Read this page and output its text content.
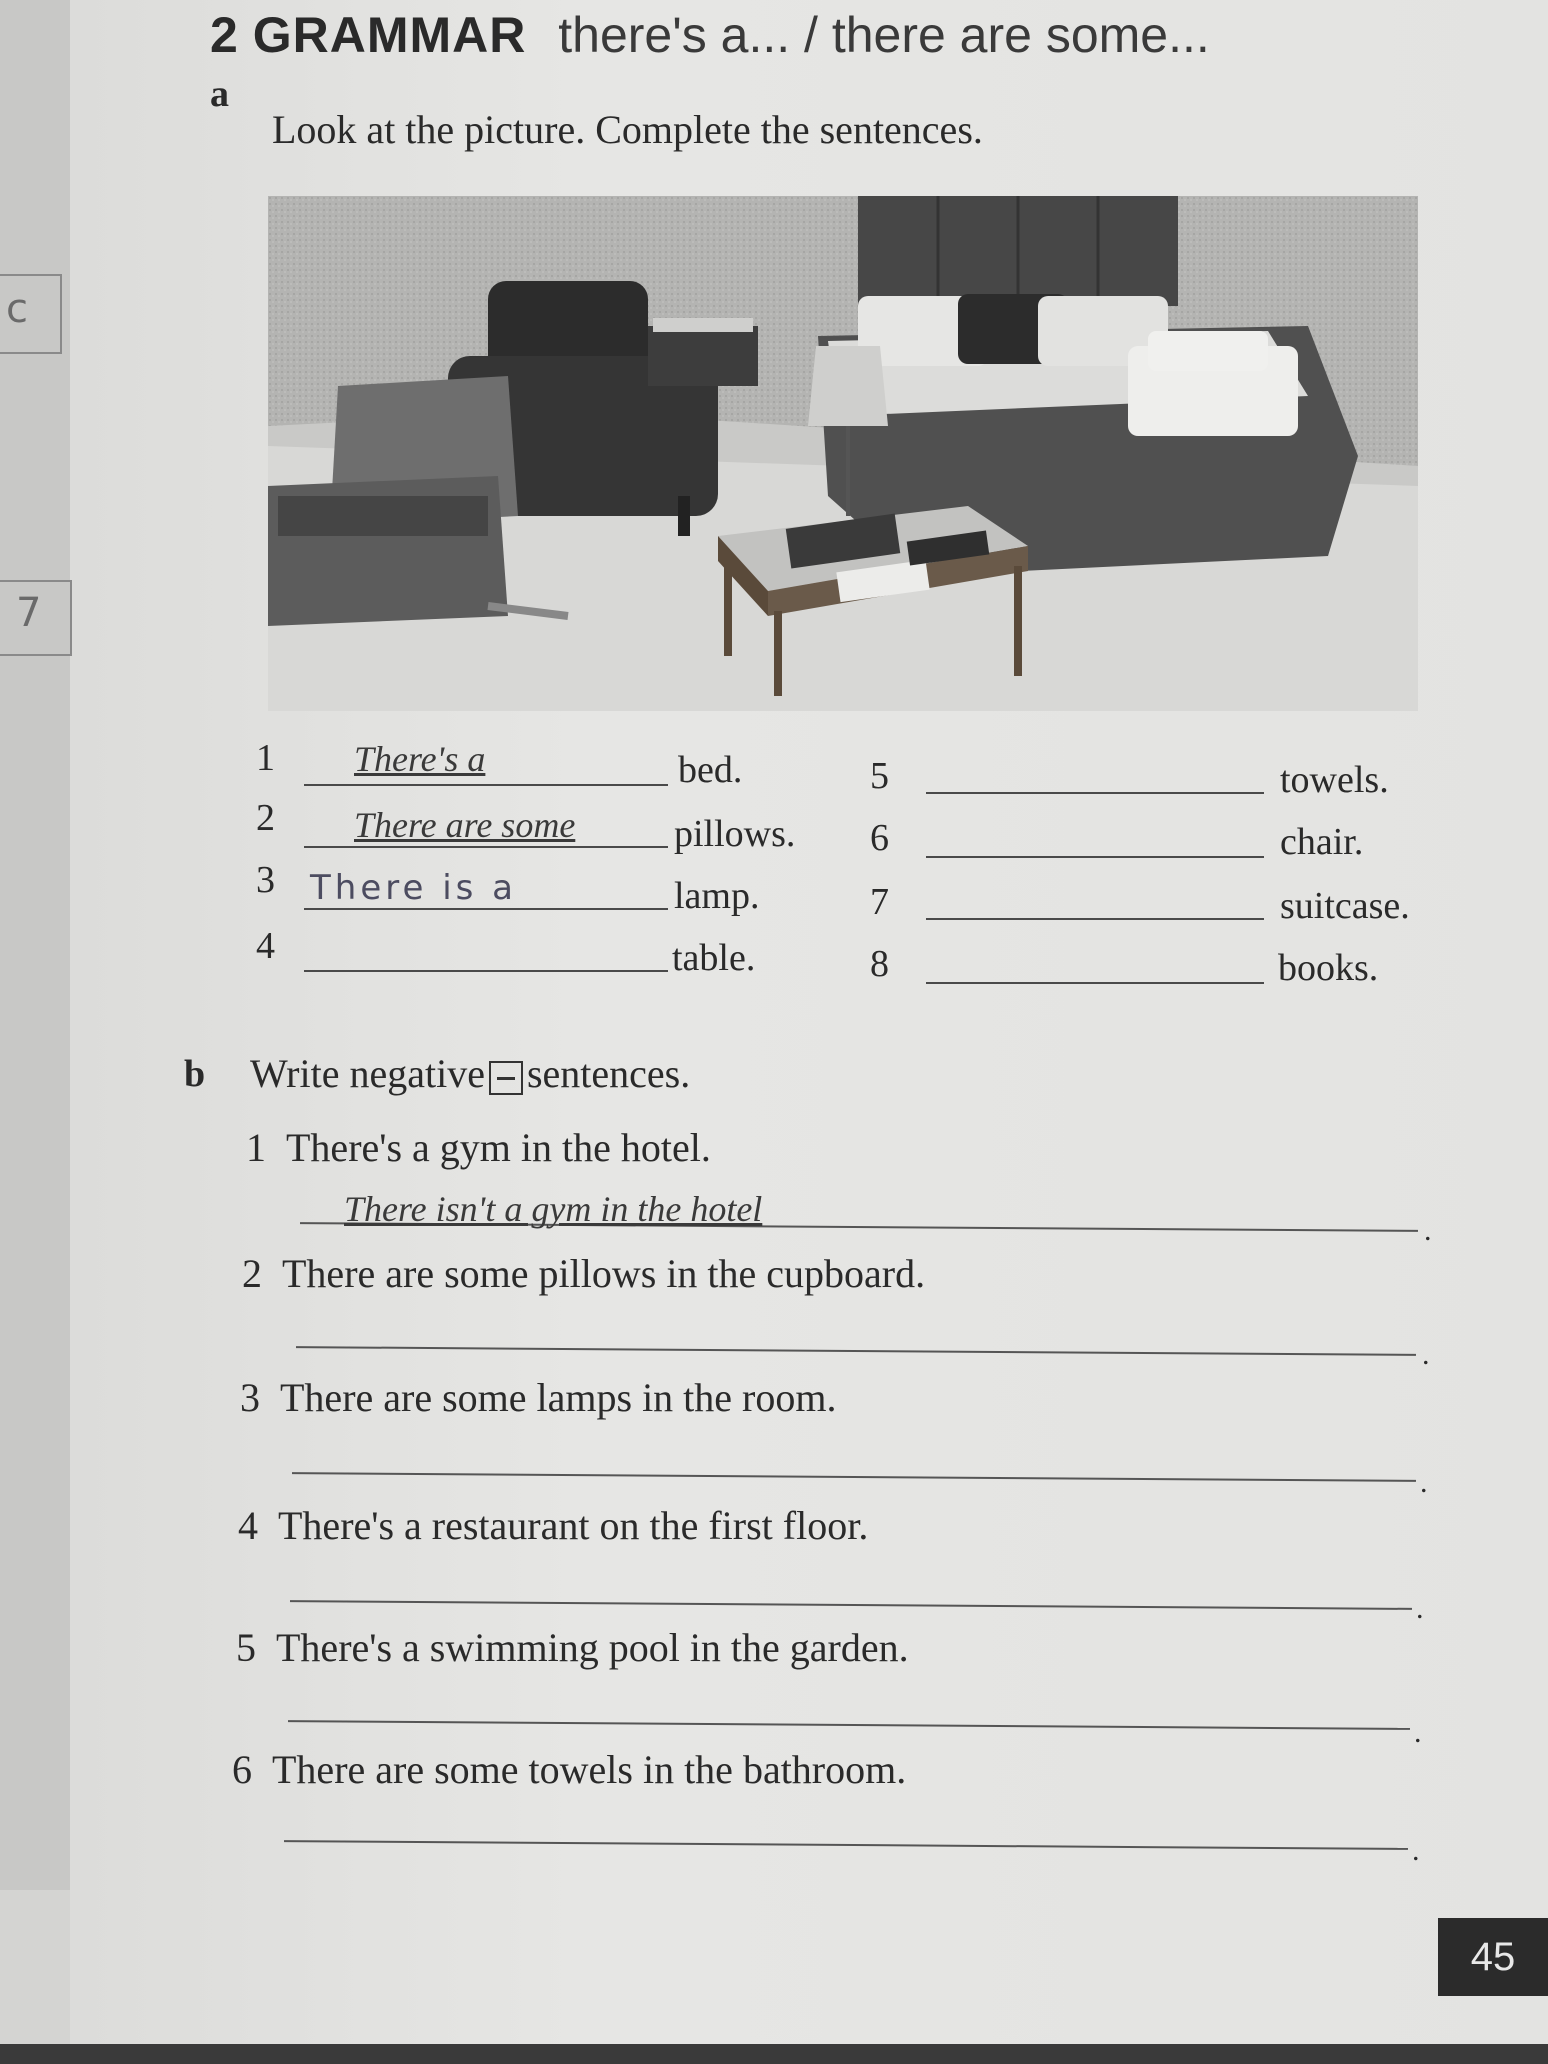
c
7
2 GRAMMAR there's a... / there are some...
a
Look at the picture. Complete the sentences.
1 There's a	bed.
2 There are some	pillows.
3 There is a	lamp.
4	table.
5	towels.
6	chair.
7	suitcase.
8	books.
b Write negative sentences.
1 There's a gym in the hotel.
There isn't a gym in the hotel
.
2 There are some pillows in the cupboard.
.
3 There are some lamps in the room.
.
4 There's a restaurant on the first floor.
.
5 There's a swimming pool in the garden.
.
6 There are some towels in the bathroom.
.
45
